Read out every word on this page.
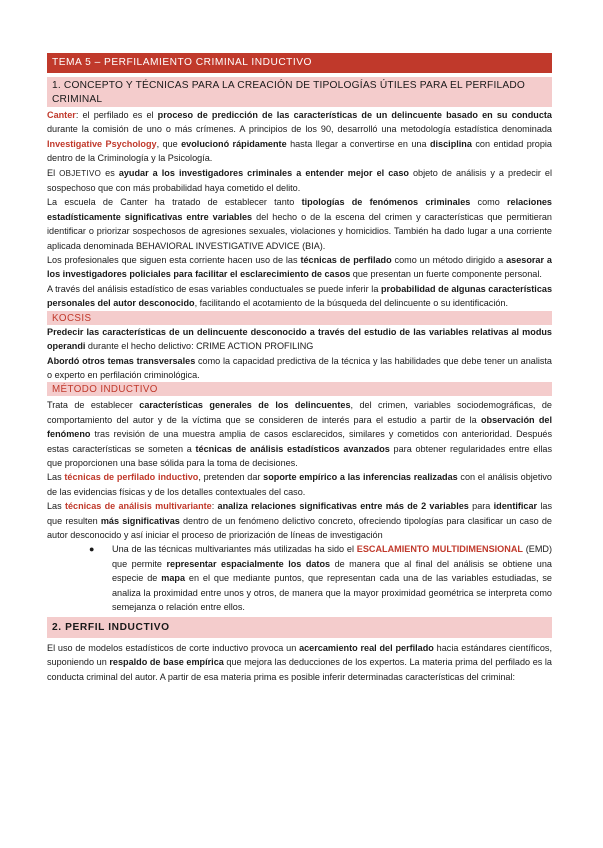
TEMA 5 – PERFILAMIENTO CRIMINAL INDUCTIVO
1. CONCEPTO Y TÉCNICAS PARA LA CREACIÓN DE TIPOLOGÍAS ÚTILES PARA EL PERFILADO CRIMINAL

Canter: el perfilado es el proceso de predicción de las características de un delincuente basado en su conducta durante la comisión de uno o más crímenes. A principios de los 90, desarrolló una metodología estadística denominada Investigative Psychology, que evolucionó rápidamente hasta llegar a convertirse en una disciplina con entidad propia dentro de la Criminología y la Psicología.

El OBJETIVO es ayudar a los investigadores criminales a entender mejor el caso objeto de análisis y a predecir el sospechoso que con más probabilidad haya cometido el delito.

La escuela de Canter ha tratado de establecer tanto tipologías de fenómenos criminales como relaciones estadísticamente significativas entre variables del hecho o de la escena del crimen y características que permitieran identificar o priorizar sospechosos de agresiones sexuales, violaciones y homicidios. También ha dado lugar a una corriente aplicada denominada BEHAVIORAL INVESTIGATIVE ADVICE (BIA).

Los profesionales que siguen esta corriente hacen uso de las técnicas de perfilado como un método dirigido a asesorar a los investigadores policiales para facilitar el esclarecimiento de casos que presentan un fuerte componente personal.

A través del análisis estadístico de esas variables conductuales se puede inferir la probabilidad de algunas características personales del autor desconocido, facilitando el acotamiento de la búsqueda del delincuente o su identificación.

KOCSIS

Predecir las características de un delincuente desconocido a través del estudio de las variables relativas al modus operandi durante el hecho delictivo: CRIME ACTION PROFILING

Abordó otros temas transversales como la capacidad predictiva de la técnica y las habilidades que debe tener un analista o experto en perfilación criminológica.

MÉTODO INDUCTIVO

Trata de establecer características generales de los delincuentes, del crimen, variables sociodemográficas, de comportamiento del autor y de la víctima que se consideren de interés para el estudio a partir de la observación del fenómeno tras revisión de una muestra amplia de casos esclarecidos, similares y cometidos con anterioridad. Después estas características se someten a técnicas de análisis estadísticos avanzados para obtener regularidades entre ellas que proporcionen una base sólida para la toma de decisiones.

Las técnicas de perfilado inductivo, pretenden dar soporte empírico a las inferencias realizadas con el análisis objetivo de las evidencias físicas y de los detalles contextuales del caso.

Las técnicas de análisis multivariante: analiza relaciones significativas entre más de 2 variables para identificar las que resulten más significativas dentro de un fenómeno delictivo concreto, ofreciendo tipologías para clasificar un caso de autor desconocido y así iniciar el proceso de priorización de líneas de investigación

●	Una de las técnicas multivariantes más utilizadas ha sido el ESCALAMIENTO MULTIDIMENSIONAL (EMD) que permite representar espacialmente los datos de manera que al final del análisis se obtiene una especie de mapa en el que mediante puntos, que representan cada una de las variables estudiadas, se analiza la proximidad entre unos y otros, de manera que la mayor proximidad geométrica se interpreta como semejanza o relación entre ellos.

2. PERFIL INDUCTIVO

El uso de modelos estadísticos de corte inductivo provoca un acercamiento real del perfilado hacia estándares científicos, suponiendo un respaldo de base empírica que mejora las deducciones de los expertos. La materia prima del perfilado es la conducta criminal del autor. A partir de esa materia prima es posible inferir determinadas características del criminal:
